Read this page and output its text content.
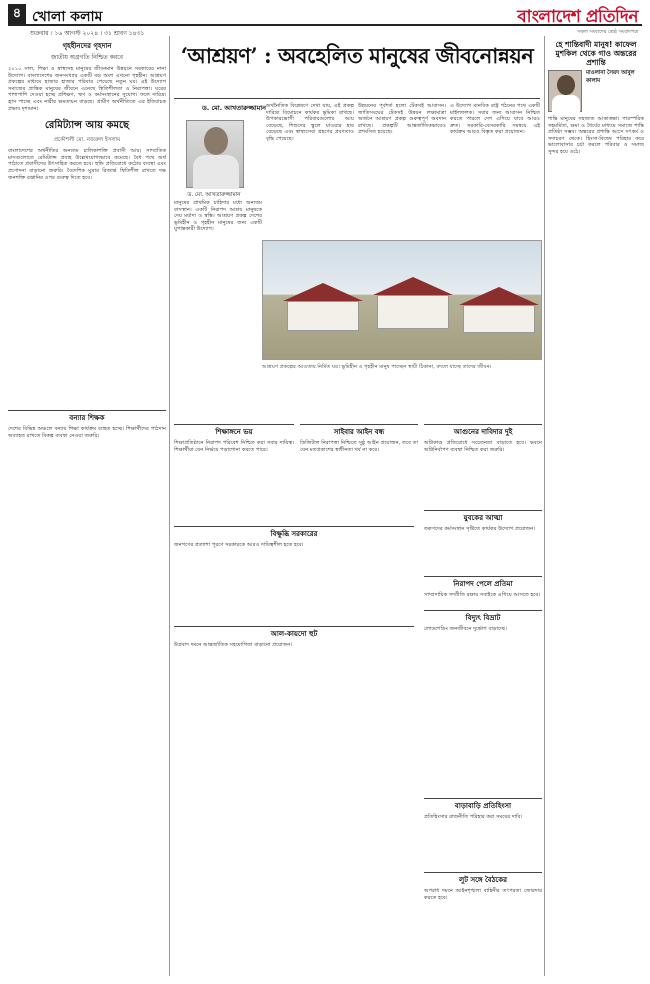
৪ খোলা কলাম	বাংলাদেশ প্রতিদিন
শুক্রবার । ১৬ আগস্ট ২০২৪ । ৩১ শ্রাবণ ১৪৩১	সকল সংবাদের শ্রেষ্ঠ সংবাদপত্র
গৃহহীনদের গৃহদান
জাতীয় অগ্রগতি নিশ্চিত করবে
২০১০ সাল, শিক্ষা ও স্বাস্থ্যসহ মানুষের জীবনমান উন্নয়নে সরকারের নানা উদ্যোগ। বাংলাদেশের জনসংখ্যার একটি বড় অংশ এখনো গৃহহীন। আশ্রয়ণ প্রকল্পের মাধ্যমে হাজার হাজার পরিবার পেয়েছে নতুন ঘর। এই উদ্যোগ সমাজের প্রান্তিক মানুষের জীবনে এনেছে স্থিতিশীলতা ও নিরাপত্তা। ঘরের পাশাপাশি দেওয়া হচ্ছে প্রশিক্ষণ, ঋণ ও কর্মসংস্থানের সুযোগ। ফলে দারিদ্র্য হ্রাস পাচ্ছে এবং নারীর ক্ষমতায়ন বাড়ছে। গ্রামীণ অর্থনীতিতে এর ইতিবাচক প্রভাব দৃশ্যমান।
রেমিট্যান্স আয় কমছে
প্রকৌশলী মো. নজরুল ইসলাম
বাংলাদেশের অর্থনীতির অন্যতম চালিকাশক্তি প্রবাসী আয়। সাম্প্রতিক মাসগুলোতে রেমিট্যান্স প্রবাহ উল্লেখযোগ্যভাবে কমেছে। বৈধ পথে অর্থ পাঠাতে প্রবাসীদের উৎসাহিত করতে হবে। হুন্ডি প্রতিরোধে কঠোর ব্যবস্থা এবং প্রণোদনা বাড়ানো জরুরি। বৈদেশিক মুদ্রার রিজার্ভ স্থিতিশীল রাখতে দক্ষ জনশক্তি রপ্তানির ওপর গুরুত্ব দিতে হবে।
‘আশ্রয়ণ’ : অবহেলিত মানুষের জীবনোন্নয়ন
ড. মো. আখতারুজ্জামান
ড. মো. আখতারুজ্জামান
মানুষের প্রাথমিক চাহিদার মধ্যে অন্যতম বাসস্থান। একটি নিরাপদ আশ্রয় মানুষকে দেয় মর্যাদা ও স্বস্তি। আশ্রয়ণ প্রকল্প দেশের ভূমিহীন ও গৃহহীন মানুষের জন্য একটি যুগান্তকারী উদ্যোগ।
অর্থনৈতিক বিশ্লেষণে দেখা যায়, এই প্রকল্প দারিদ্র্য বিমোচনে কার্যকর ভূমিকা রাখছে। উপকারভোগী পরিবারগুলোর আয় বেড়েছে, শিশুদের স্কুলে যাওয়ার হার বেড়েছে এবং স্বাস্থ্যসেবা গ্রহণের প্রবণতাও বৃদ্ধি পেয়েছে।
উন্নয়নের পূর্বশর্ত হলো টেকসই আবাসন। জাতিসংঘের টেকসই উন্নয়ন লক্ষ্যমাত্রা অর্জনে আশ্রয়ণ প্রকল্প গুরুত্বপূর্ণ অবদান রাখছে। প্রকল্পটি আন্তর্জাতিকভাবেও প্রশংসিত হয়েছে।
এ উদ্যোগ মানবিক রাষ্ট্র গঠনের পথে একটি মাইলফলক। সবার জন্য আবাসন নিশ্চিত করতে পারলে দেশ এগিয়ে যাবে আরও দ্রুত। সরকারি-বেসরকারি সমন্বয়ে এই কার্যক্রম আরও বিস্তৃত করা প্রয়োজন।
আশ্রয়ণ প্রকল্পের আওতায় নির্মিত ঘর। ভূমিহীন ও গৃহহীন মানুষ পাচ্ছেন স্থায়ী ঠিকানা, বদলে যাচ্ছে তাদের জীবন।
হে শান্তিবাদী মানুষ! কাফেল মুশকিল থেকে গাও অন্তরের প্রশান্তি
মাওলানা সৈয়দ আবুল কালাম
শান্তি মানুষের সহজাত আকাঙ্ক্ষা। পারস্পরিক সহমর্মিতা, ক্ষমা ও ধৈর্যের মাধ্যমে সমাজে শান্তি প্রতিষ্ঠা সম্ভব। অন্তরের প্রশান্তি আসে সৎকর্ম ও সদাচরণ থেকে। হিংসা-বিদ্বেষ পরিহার করে ভালোবাসার চর্চা করলে পরিবার ও সমাজ সুন্দর হয়ে ওঠে।
বন্যার শিক্ষক
দেশের বিভিন্ন অঞ্চলে বন্যায় শিক্ষা কার্যক্রম ব্যাহত হচ্ছে। শিক্ষার্থীদের পাঠদান অব্যাহত রাখতে বিকল্প ব্যবস্থা নেওয়া জরুরি।	শিক্ষাঙ্গনে ভয়
শিক্ষাপ্রতিষ্ঠানে নিরাপদ পরিবেশ নিশ্চিত করা সবার দায়িত্ব। শিক্ষার্থীরা যেন নির্ভয়ে পড়াশোনা করতে পারে।
সাইবার আইন বন্ধ
ডিজিটাল নিরাপত্তা নিশ্চিতে সুষ্ঠু আইন প্রয়োজন, তবে তা যেন মতপ্রকাশের স্বাধীনতা খর্ব না করে।
আগুনের দাবিদার দুই
অগ্নিকাণ্ড প্রতিরোধে সচেতনতা বাড়াতে হবে। ভবনে অগ্নিনির্বাপণ ব্যবস্থা নিশ্চিত করা জরুরি।
বিক্ষুব্ধি সরকারের
জনগণের প্রত্যাশা পূরণে সরকারকে আরও দায়িত্বশীল হতে হবে।
যুবকের আত্মা
তরুণদের কর্মসংস্থান সৃষ্টিতে কার্যকর উদ্যোগ প্রয়োজন।
নিরাপদ পেলে প্রতিমা
সাম্প্রদায়িক সম্প্রীতি রক্ষায় সবাইকে এগিয়ে আসতে হবে।
আল-কায়দো হুট
উগ্রবাদ দমনে আন্তর্জাতিক সহযোগিতা বাড়ানো প্রয়োজন।
বিদ্যুৎ বিভ্রাট
লোডশেডিং জনজীবনে দুর্ভোগ বাড়াচ্ছে।
বাড়াবাড়ি প্রতিহিংসা
প্রতিহিংসার রাজনীতি পরিহার করা সময়ের দাবি।
লুট সঙ্গে বৈঠকের
অপরাধ দমনে আইনশৃঙ্খলা বাহিনীর তৎপরতা জোরদার করতে হবে।
